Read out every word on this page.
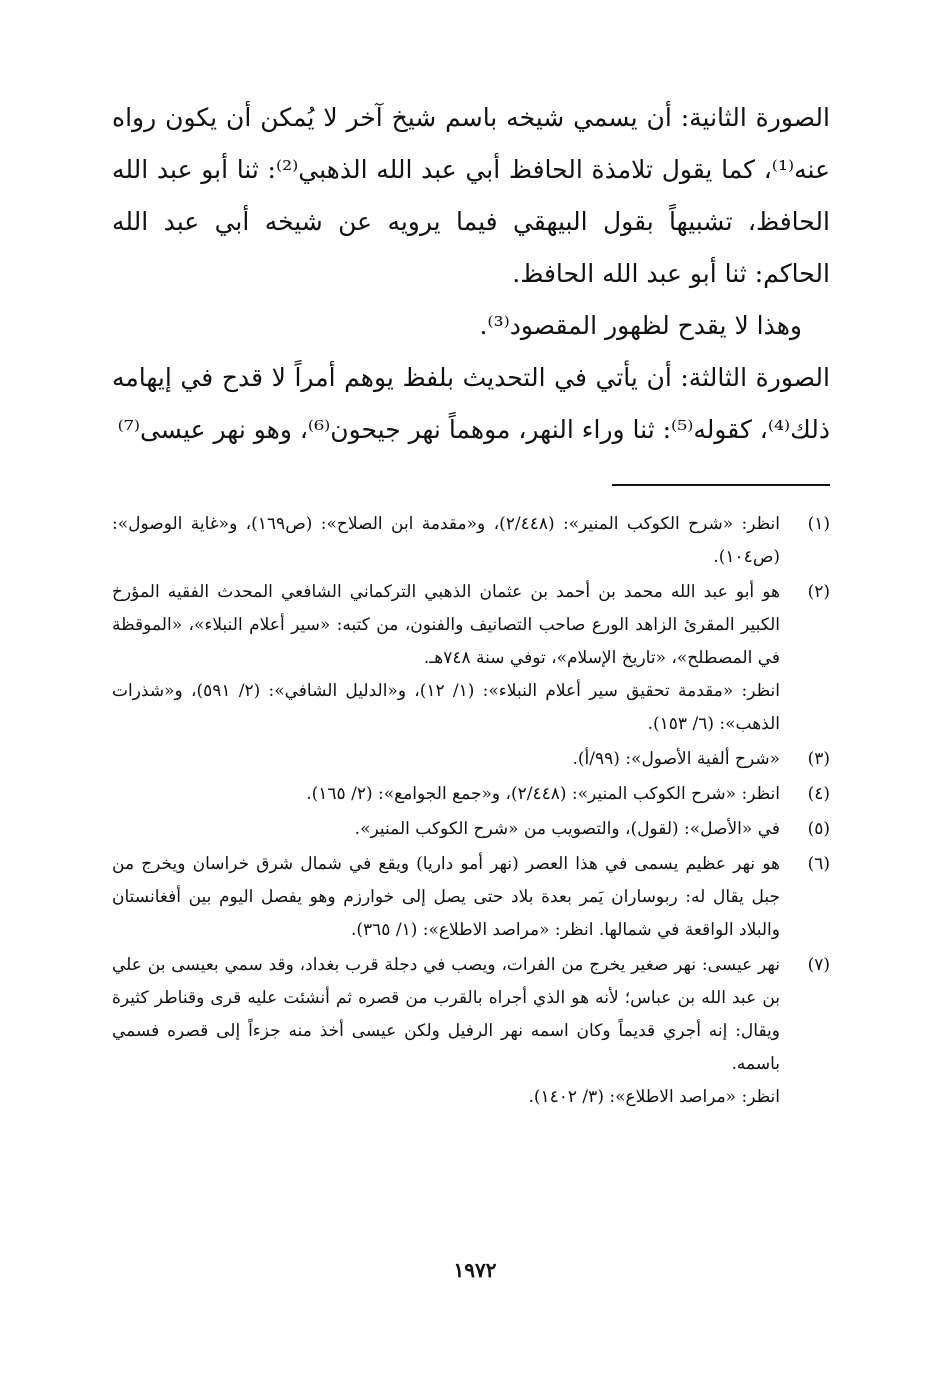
الصورة الثانية: أن يسمي شيخه باسم شيخ آخر لا يُمكن أن يكون رواه عنه⁽¹⁾، كما يقول تلامذة الحافظ أبي عبد الله الذهبي⁽²⁾: ثنا أبو عبد الله الحافظ، تشبيهاً بقول البيهقي فيما يرويه عن شيخه أبي عبد الله الحاكم: ثنا أبو عبد الله الحافظ.

وهذا لا يقدح لظهور المقصود⁽³⁾.

الصورة الثالثة: أن يأتي في التحديث بلفظ يوهم أمراً لا قدح في إيهامه ذلك⁽⁴⁾، كقوله⁽⁵⁾: ثنا وراء النهر، موهماً نهر جيحون⁽⁶⁾، وهو نهر عيسى⁽⁷⁾

(١)
انظر: «شرح الكوكب المنير»: (٢/٤٤٨)، و«مقدمة ابن الصلاح»: (ص١٦٩)، و«غاية الوصول»: (ص١٠٤).
(٢)
هو أبو عبد الله محمد بن أحمد بن عثمان الذهبي التركماني الشافعي المحدث الفقيه المؤرخ الكبير المقرئ الزاهد الورع صاحب التصانيف والفنون، من كتبه: «سير أعلام النبلاء»، «الموقظة في المصطلح»، «تاريخ الإسلام»، توفي سنة ٧٤٨هـ.
انظر: «مقدمة تحقيق سير أعلام النبلاء»: (١/ ١٢)، و«الدليل الشافي»: (٢/ ٥٩١)، و«شذرات الذهب»: (٦/ ١٥٣).
(٣)
«شرح ألفية الأصول»: (٩٩/أ).
(٤)
انظر: «شرح الكوكب المنير»: (٢/٤٤٨)، و«جمع الجوامع»: (٢/ ١٦٥).
(٥)
في «الأصل»: (لقول)، والتصويب من «شرح الكوكب المنير».
(٦)
هو نهر عظيم يسمى في هذا العصر (نهر أمو داريا) ويقع في شمال شرق خراسان ويخرج من جبل يقال له: ربوساران يَمر بعدة بلاد حتى يصل إلى خوارزم وهو يفصل اليوم بين أفغانستان والبلاد الواقعة في شمالها. انظر: «مراصد الاطلاع»: (١/ ٣٦٥).
(٧)
نهر عيسى: نهر صغير يخرج من الفرات، ويصب في دجلة قرب بغداد، وقد سمي بعيسى بن علي بن عبد الله بن عباس؛ لأنه هو الذي أجراه بالقرب من قصره ثم أنشئت عليه قرى وقناطر كثيرة ويقال: إنه أجري قديماً وكان اسمه نهر الرفيل ولكن عيسى أخذ منه جزءاً إلى قصره فسمي باسمه.
انظر: «مراصد الاطلاع»: (٣/ ١٤٠٢).
١٩٧٢
